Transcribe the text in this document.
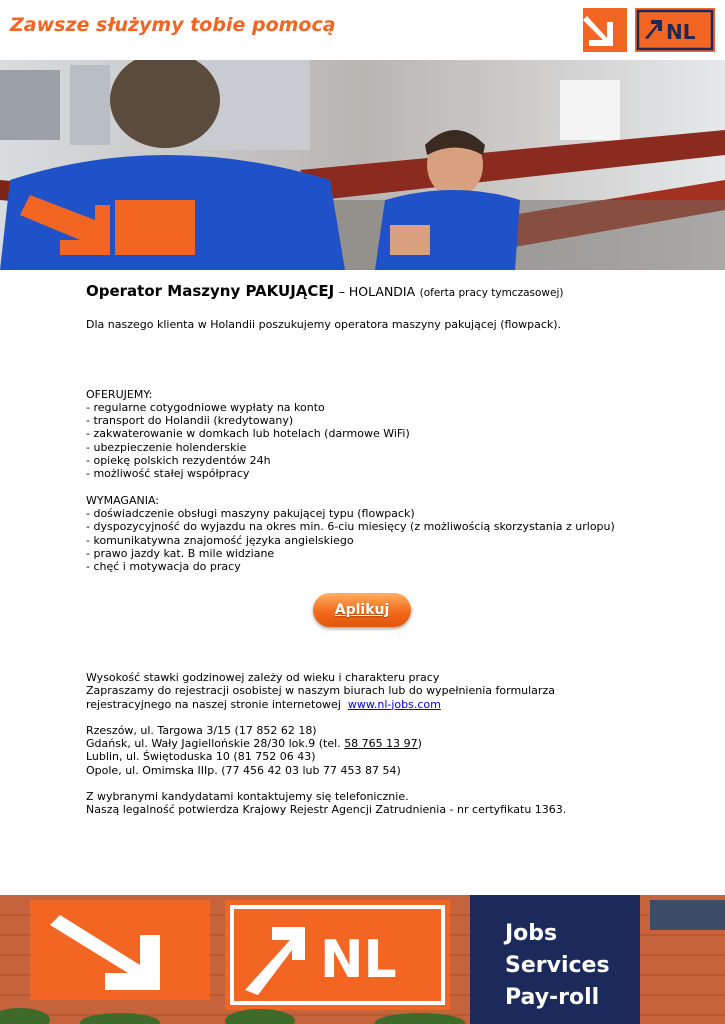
Zawsze służymy tobie pomocą	NL
Operator Maszyny PAKUJĄCEJ – HOLANDIA (oferta pracy tymczasowej)
Dla naszego klienta w Holandii poszukujemy operatora maszyny pakującej (flowpack).
OFERUJEMY:
- regularne cotygodniowe wypłaty na konto
- transport do Holandii (kredytowany)
- zakwaterowanie w domkach lub hotelach (darmowe WiFi)
- ubezpieczenie holenderskie
- opiekę polskich rezydentów 24h
- możliwość stałej współpracy
WYMAGANIA:
- doświadczenie obsługi maszyny pakującej typu (flowpack)
- dyspozycyjność do wyjazdu na okres min. 6-ciu miesięcy (z możliwością skorzystania z urlopu)
- komunikatywna znajomość języka angielskiego
- prawo jazdy kat. B mile widziane
- chęć i motywacja do pracy
Aplikuj
Wysokość stawki godzinowej zależy od wieku i charakteru pracy
Zapraszamy do rejestracji osobistej w naszym biurach lub do wypełnienia formularza
rejestracyjnego na naszej stronie internetowej www.nl-jobs.com
Rzeszów, ul. Targowa 3/15 (17 852 62 18)
Gdańsk, ul. Wały Jagiellońskie 28/30 lok.9 (tel. 58 765 13 97)
Lublin, ul. Świętoduska 10 (81 752 06 43)
Opole, ul. Omimska IIIp. (77 456 42 03 lub 77 453 87 54)
Z wybranymi kandydatami kontaktujemy się telefonicznie.
Naszą legalność potwierdza Krajowy Rejestr Agencji Zatrudnienia - nr certyfikatu 1363.
NL	Jobs
Services
Pay-roll
